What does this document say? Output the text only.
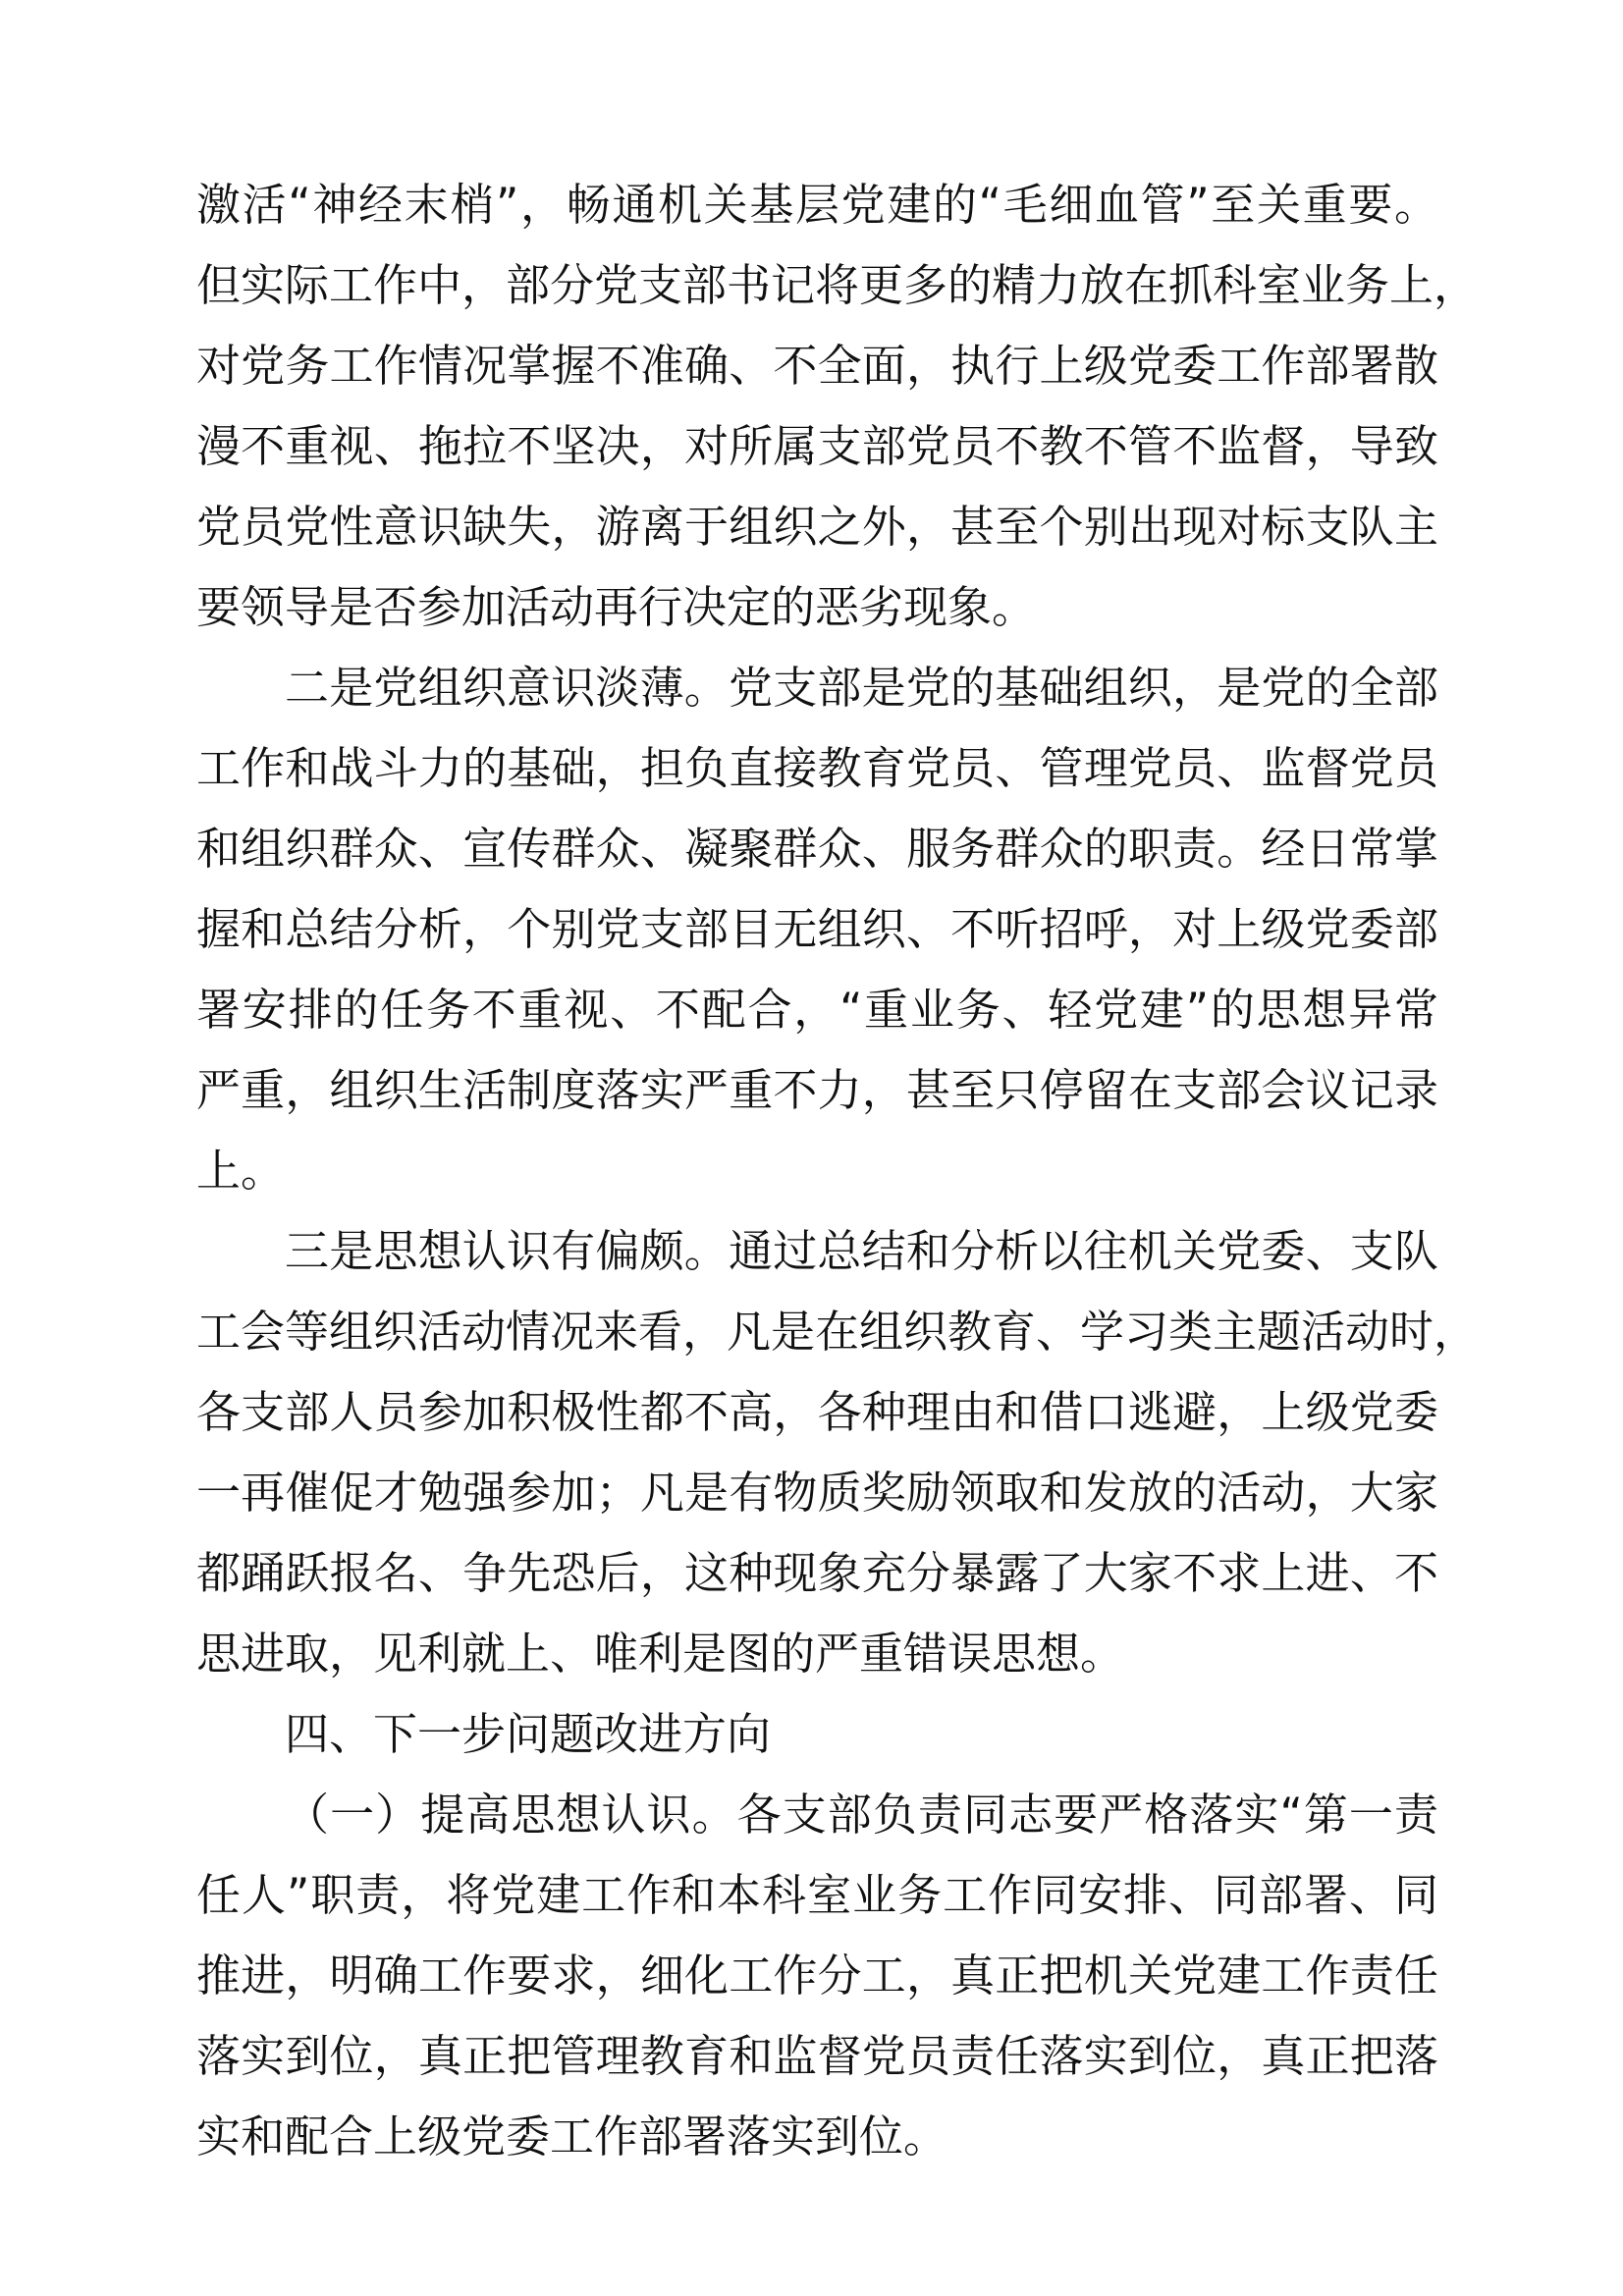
激活“神经末梢”，畅通机关基层党建的“毛细血管”至关重要。
但实际工作中，部分党支部书记将更多的精力放在抓科室业务上，
对党务工作情况掌握不准确、不全面，执行上级党委工作部署散
漫不重视、拖拉不坚决，对所属支部党员不教不管不监督，导致
党员党性意识缺失，游离于组织之外，甚至个别出现对标支队主
要领导是否参加活动再行决定的恶劣现象。
二是党组织意识淡薄。党支部是党的基础组织，是党的全部
工作和战斗力的基础，担负直接教育党员、管理党员、监督党员
和组织群众、宣传群众、凝聚群众、服务群众的职责。经日常掌
握和总结分析，个别党支部目无组织、不听招呼，对上级党委部
署安排的任务不重视、不配合，“重业务、轻党建”的思想异常
严重，组织生活制度落实严重不力，甚至只停留在支部会议记录
上。
三是思想认识有偏颇。通过总结和分析以往机关党委、支队
工会等组织活动情况来看，凡是在组织教育、学习类主题活动时，
各支部人员参加积极性都不高，各种理由和借口逃避，上级党委
一再催促才勉强参加；凡是有物质奖励领取和发放的活动，大家
都踊跃报名、争先恐后，这种现象充分暴露了大家不求上进、不
思进取，见利就上、唯利是图的严重错误思想。
四、下一步问题改进方向
（一）提高思想认识。各支部负责同志要严格落实“第一责
任人”职责，将党建工作和本科室业务工作同安排、同部署、同
推进，明确工作要求，细化工作分工，真正把机关党建工作责任
落实到位，真正把管理教育和监督党员责任落实到位，真正把落
实和配合上级党委工作部署落实到位。
